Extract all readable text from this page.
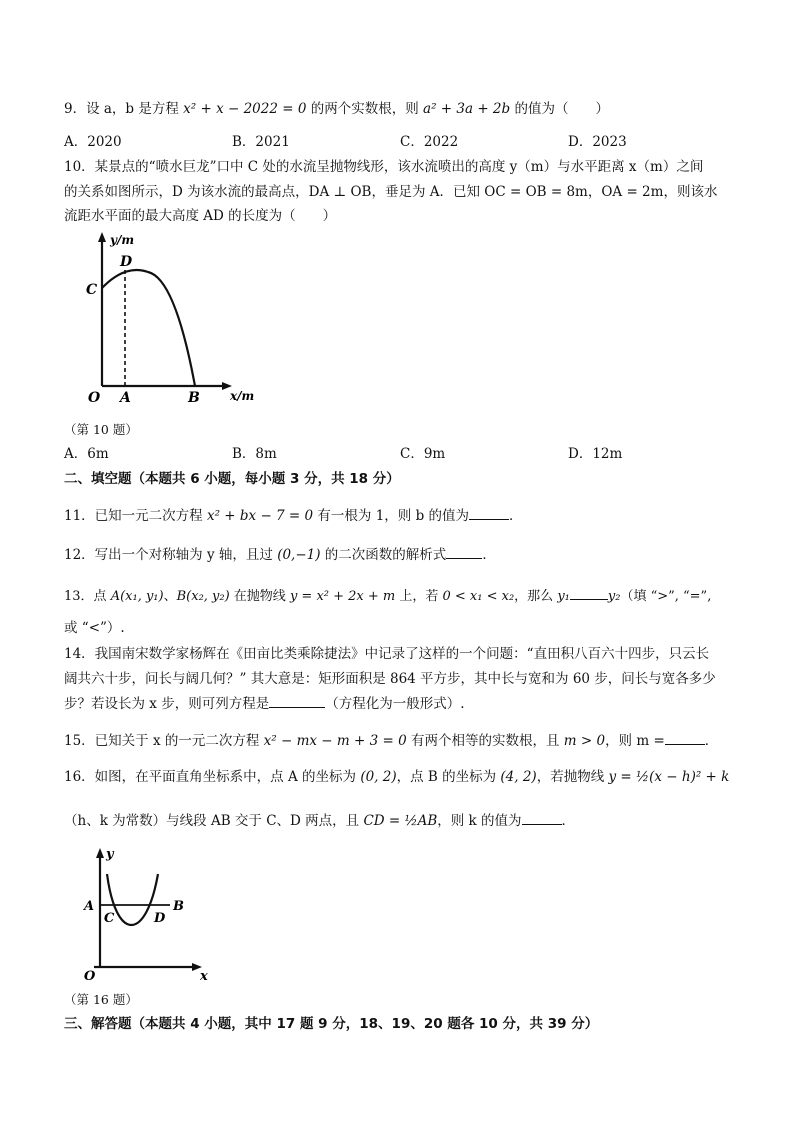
9．设 a，b 是方程 x² + x − 2022 = 0 的两个实数根，则 a² + 3a + 2b 的值为（　　）
A．2020	B．2021	C．2022	D．2023
10．某景点的“喷水巨龙”口中 C 处的水流呈抛物线形，该水流喷出的高度 y（m）与水平距离 x（m）之间
的关系如图所示，D 为该水流的最高点，DA ⊥ OB，垂足为 A．已知 OC = OB = 8m，OA = 2m，则该水
流距水平面的最大高度 AD 的长度为（　　）
y/m
x/m
C
D
O A	B
（第 10 题）
A．6m	B．8m	C．9m	D．12m
二、填空题（本题共 6 小题，每小题 3 分，共 18 分）
11．已知一元二次方程 x² + bx − 7 = 0 有一根为 1，则 b 的值为	．
12．写出一个对称轴为 y 轴，且过 (0,−1) 的二次函数的解析式	．
13．点 A(x₁, y₁)、B(x₂, y₂) 在抛物线 y = x² + 2x + m 上，若 0 < x₁ < x₂，那么 y₁	y₂（填 “>”, “=”,
或 “<”）.
14．我国南宋数学家杨辉在《田亩比类乘除捷法》中记录了这样的一个问题：“直田积八百六十四步，只云长
阔共六十步，问长与阔几何？” 其大意是：矩形面积是 864 平方步，其中长与宽和为 60 步，问长与宽各多少
步？若设长为 x 步，则可列方程是	（方程化为一般形式）.
15．已知关于 x 的一元二次方程 x² − mx − m + 3 = 0 有两个相等的实数根，且 m > 0，则 m =	．
16．如图，在平面直角坐标系中，点 A 的坐标为 (0, 2)，点 B 的坐标为 (4, 2)，若抛物线 y = ½(x − h)² + k
（h、k 为常数）与线段 AB 交于 C、D 两点，且 CD = ½AB，则 k 的值为	．
y
x
A	B
C	D
O
（第 16 题）
三、解答题（本题共 4 小题，其中 17 题 9 分，18、19、20 题各 10 分，共 39 分）
